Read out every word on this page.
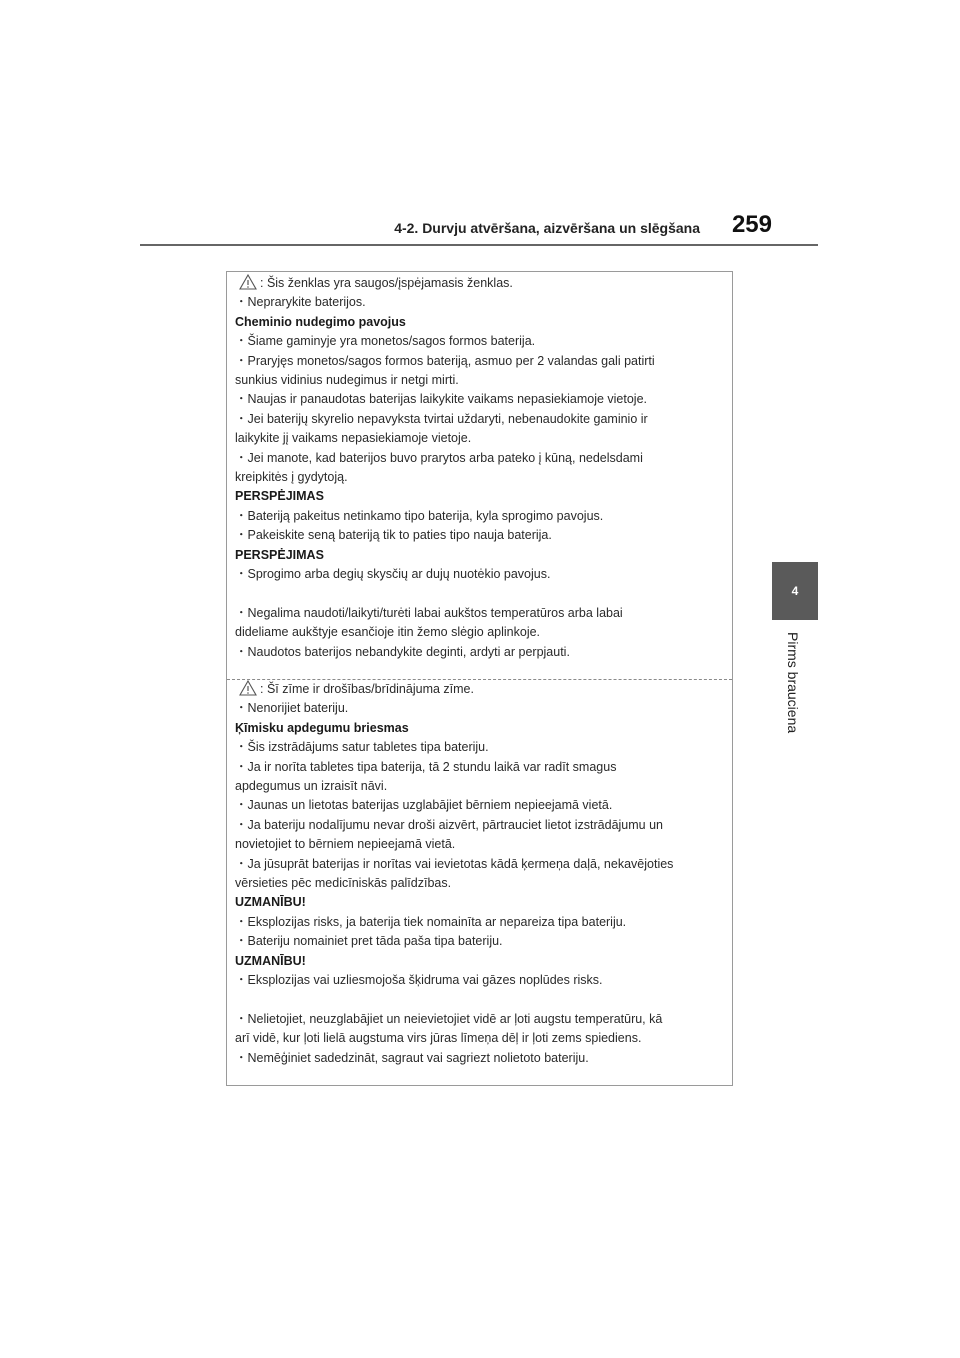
4-2. Durvju atvēršana, aizvēršana un slēgšana 259
4
Pirms brauciena
: Šis ženklas yra saugos/įspėjamasis ženklas.
・Neprarykite baterijos.
Cheminio nudegimo pavojus
・Šiame gaminyje yra monetos/sagos formos baterija.
・Praryjęs monetos/sagos formos bateriją, asmuo per 2 valandas gali patirti
sunkius vidinius nudegimus ir netgi mirti.
・Naujas ir panaudotas baterijas laikykite vaikams nepasiekiamoje vietoje.
・Jei baterijų skyrelio nepavyksta tvirtai uždaryti, nebenaudokite gaminio ir
laikykite jį vaikams nepasiekiamoje vietoje.
・Jei manote, kad baterijos buvo prarytos arba pateko į kūną, nedelsdami
kreipkitės į gydytoją.
PERSPĖJIMAS
・Bateriją pakeitus netinkamo tipo baterija, kyla sprogimo pavojus.
・Pakeiskite seną bateriją tik to paties tipo nauja baterija.
PERSPĖJIMAS
・Sprogimo arba degių skysčių ar dujų nuotėkio pavojus.
・Negalima naudoti/laikyti/turėti labai aukštos temperatūros arba labai
dideliame aukštyje esančioje itin žemo slėgio aplinkoje.
・Naudotos baterijos nebandykite deginti, ardyti ar perpjauti.
: Šī zīme ir drošības/brīdinājuma zīme.
・Nenorijiet bateriju.
Ķīmisku apdegumu briesmas
・Šis izstrādājums satur tabletes tipa bateriju.
・Ja ir norīta tabletes tipa baterija, tā 2 stundu laikā var radīt smagus
apdegumus un izraisīt nāvi.
・Jaunas un lietotas baterijas uzglabājiet bērniem nepieejamā vietā.
・Ja bateriju nodalījumu nevar droši aizvērt, pārtrauciet lietot izstrādājumu un
novietojiet to bērniem nepieejamā vietā.
・Ja jūsuprāt baterijas ir norītas vai ievietotas kādā ķermeņa daļā, nekavējoties
vērsieties pēc medicīniskās palīdzības.
UZMANĪBU!
・Eksplozijas risks, ja baterija tiek nomainīta ar nepareiza tipa bateriju.
・Bateriju nomainiet pret tāda paša tipa bateriju.
UZMANĪBU!
・Eksplozijas vai uzliesmojoša šķidruma vai gāzes noplūdes risks.
・Nelietojiet, neuzglabājiet un neievietojiet vidē ar ļoti augstu temperatūru, kā
arī vidē, kur ļoti lielā augstuma virs jūras līmeņa dēļ ir ļoti zems spiediens.
・Nemēģiniet sadedzināt, sagraut vai sagriezt nolietoto bateriju.
